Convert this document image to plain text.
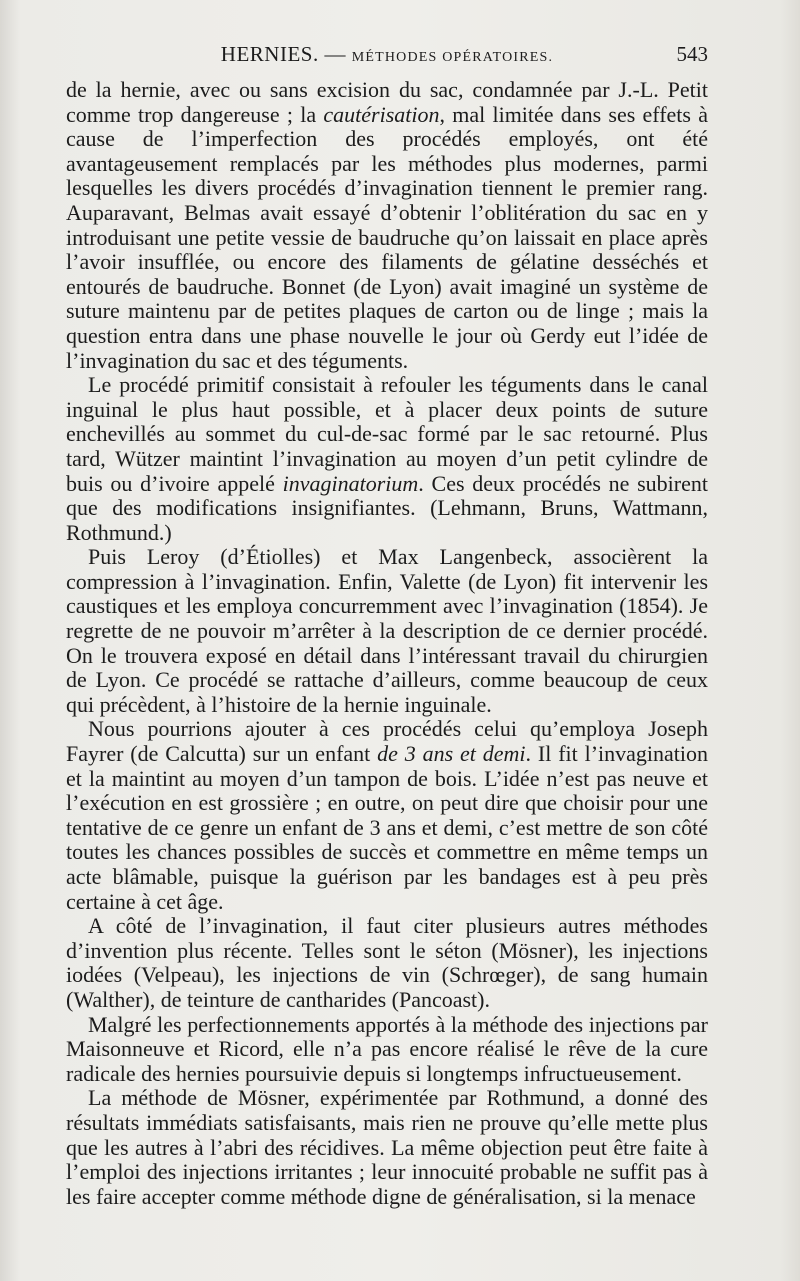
HERNIES. — MÉTHODES OPÉRATOIRES.	543

de la hernie, avec ou sans excision du sac, condamnée par J.-L. Petit comme trop dangereuse ; la cautérisation, mal limitée dans ses effets à cause de l’imperfection des procédés employés, ont été avantageusement remplacés par les méthodes plus modernes, parmi lesquelles les divers procédés d’invagination tiennent le premier rang. Auparavant, Belmas avait essayé d’obtenir l’oblitération du sac en y introduisant une petite vessie de baudruche qu’on laissait en place après l’avoir insufflée, ou encore des filaments de gélatine desséchés et entourés de baudruche. Bonnet (de Lyon) avait imaginé un système de suture maintenu par de petites plaques de carton ou de linge ; mais la question entra dans une phase nouvelle le jour où Gerdy eut l’idée de l’invagination du sac et des téguments.

Le procédé primitif consistait à refouler les téguments dans le canal inguinal le plus haut possible, et à placer deux points de suture enchevillés au sommet du cul-de-sac formé par le sac retourné. Plus tard, Wützer maintint l’invagination au moyen d’un petit cylindre de buis ou d’ivoire appelé invaginatorium. Ces deux procédés ne subirent que des modifications insignifiantes. (Lehmann, Bruns, Wattmann, Rothmund.)

Puis Leroy (d’Étiolles) et Max Langenbeck, associèrent la compression à l’invagination. Enfin, Valette (de Lyon) fit intervenir les caustiques et les employa concurremment avec l’invagination (1854). Je regrette de ne pouvoir m’arrêter à la description de ce dernier procédé. On le trouvera exposé en détail dans l’intéressant travail du chirurgien de Lyon. Ce procédé se rattache d’ailleurs, comme beaucoup de ceux qui précèdent, à l’histoire de la hernie inguinale.

Nous pourrions ajouter à ces procédés celui qu’employa Joseph Fayrer (de Calcutta) sur un enfant de 3 ans et demi. Il fit l’invagination et la maintint au moyen d’un tampon de bois. L’idée n’est pas neuve et l’exécution en est grossière ; en outre, on peut dire que choisir pour une tentative de ce genre un enfant de 3 ans et demi, c’est mettre de son côté toutes les chances possibles de succès et commettre en même temps un acte blâmable, puisque la guérison par les bandages est à peu près certaine à cet âge.

A côté de l’invagination, il faut citer plusieurs autres méthodes d’invention plus récente. Telles sont le séton (Mösner), les injections iodées (Velpeau), les injections de vin (Schrœger), de sang humain (Walther), de teinture de cantharides (Pancoast).

Malgré les perfectionnements apportés à la méthode des injections par Maisonneuve et Ricord, elle n’a pas encore réalisé le rêve de la cure radicale des hernies poursuivie depuis si longtemps infructueusement.

La méthode de Mösner, expérimentée par Rothmund, a donné des résultats immédiats satisfaisants, mais rien ne prouve qu’elle mette plus que les autres à l’abri des récidives. La même objection peut être faite à l’emploi des injections irritantes ; leur innocuité probable ne suffit pas à les faire accepter comme méthode digne de généralisation, si la menace
